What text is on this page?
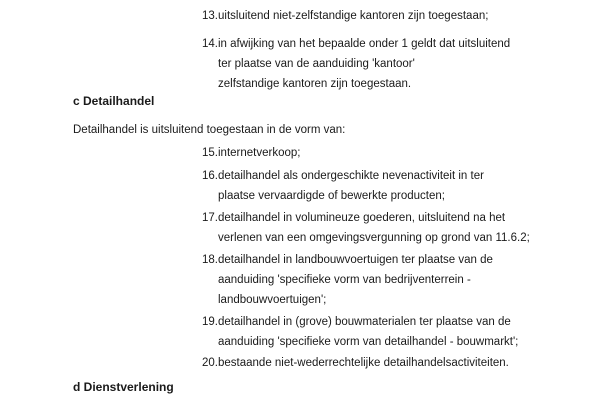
13.uitsluitend niet-zelfstandige kantoren zijn toegestaan;
14.in afwijking van het bepaalde onder 1 geldt dat uitsluitend
ter plaatse van de aanduiding 'kantoor'
zelfstandige kantoren zijn toegestaan.
c Detailhandel
Detailhandel is uitsluitend toegestaan in de vorm van:
15.internetverkoop;
16.detailhandel als ondergeschikte nevenactiviteit in ter
plaatse vervaardigde of bewerkte producten;
17.detailhandel in volumineuze goederen, uitsluitend na het
verlenen van een omgevingsvergunning op grond van 11.6.2;
18.detailhandel in landbouwvoertuigen ter plaatse van de
aanduiding 'specifieke vorm van bedrijventerrein -
landbouwvoertuigen';
19.detailhandel in (grove) bouwmaterialen ter plaatse van de
aanduiding 'specifieke vorm van detailhandel - bouwmarkt';
20.bestaande niet-wederrechtelijke detailhandelsactiviteiten.
d Dienstverlening
